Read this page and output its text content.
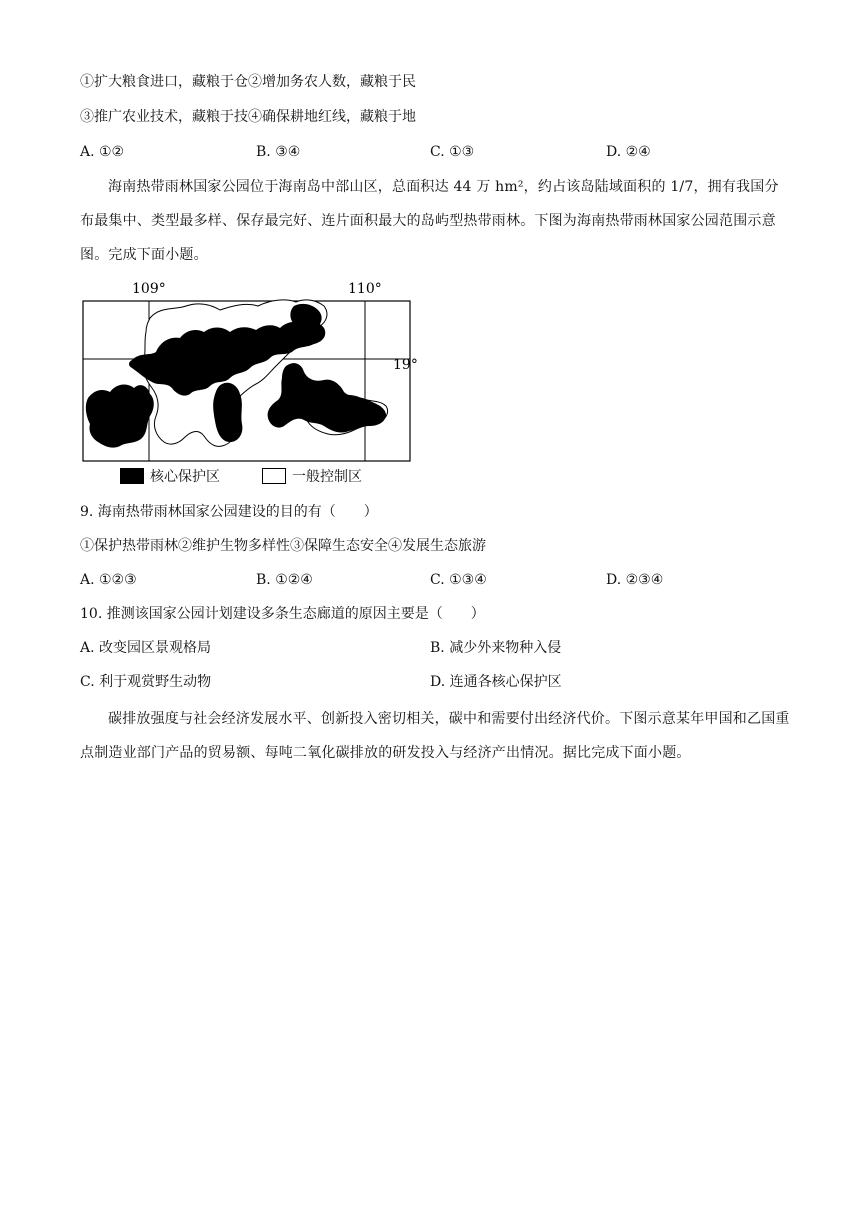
①扩大粮食进口，藏粮于仓②增加务农人数，藏粮于民
③推广农业技术，藏粮于技④确保耕地红线，藏粮于地
A. ①②	B. ③④	C. ①③	D. ②④
海南热带雨林国家公园位于海南岛中部山区，总面积达 44 万 hm²，约占该岛陆域面积的 1/7，拥有我国分布最集中、类型最多样、保存最完好、连片面积最大的岛屿型热带雨林。下图为海南热带雨林国家公园范围示意图。完成下面小题。
109°	110°
19°
核心保护区	一般控制区
9. 海南热带雨林国家公园建设的目的有（　　）
①保护热带雨林②维护生物多样性③保障生态安全④发展生态旅游
A. ①②③	B. ①②④	C. ①③④	D. ②③④
10. 推测该国家公园计划建设多条生态廊道的原因主要是（　　）
A. 改变园区景观格局	B. 减少外来物种入侵
C. 利于观赏野生动物	D. 连通各核心保护区
碳排放强度与社会经济发展水平、创新投入密切相关，碳中和需要付出经济代价。下图示意某年甲国和乙国重点制造业部门产品的贸易额、每吨二氧化碳排放的研发投入与经济产出情况。据比完成下面小题。
